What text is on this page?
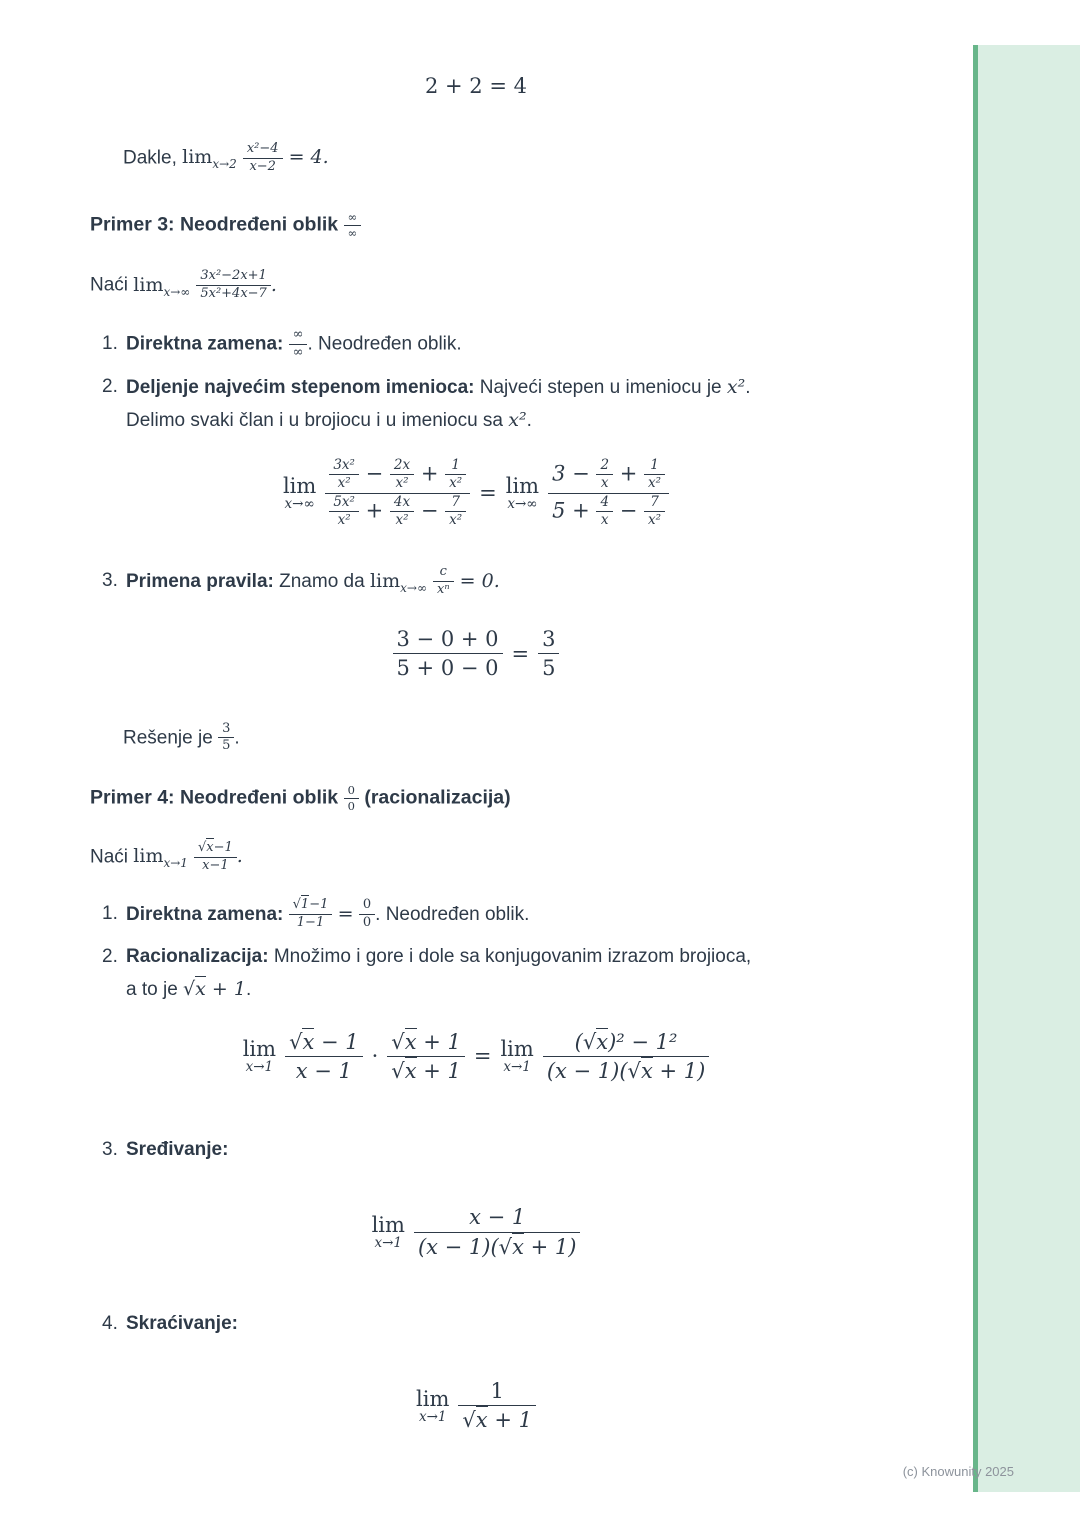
(c) Knowunity 2025
2 + 2 = 4

Dakle, $\lim_{x\to 2} \frac{\text{x²−4}}{x-2} = 4$.

Primer 3: Neodređeni oblik ∞
∞

Naći $\lim_{x\to\infty} \frac{\text{3x²−2x+1}}{\text{5x²+4x−7}}$ .

1. Direktna zamena: ∞
∞ . Neodređen oblik.
2. Deljenje najvećim stepenom imenioca: Najveći stepen u imeniocu je x².
Delimo svaki član i u brojiocu i u imeniocu sa x².
lim
$x\to\infty \frac{\frac{\text{3x²}}{\text{x²}} - \frac{2x}{\text{x²}} + \frac{1}{\text{x²}}}{\frac{\text{5x²}}{\text{x²}} + \frac{4x}{\text{x²}} - \frac{7}{\text{x²}}} = \lim$
$x\to\infty \frac{3 - \frac{2}{x} + \frac{1}{\text{x²}}}{5 + \frac{4}{x} - \frac{7}{\text{x²}}}$
3. Primena pravila: Znamo da $\lim_{x\to\infty} \frac{c}{\text{xⁿ}} = 0$.
$\frac{3 - 0 + 0}{5 + 0 - 0} = \frac{3}{5}$

Rešenje je $\frac{3}{5}$ .

Primer 4: Neodređeni oblik $\frac{0}{0}$ (racionalizacija)

Naći $\lim_{x\to 1} \frac{√x-1}{x-1}$ .

1. Direktna zamena: $\frac{√1-1}{1-1} = \frac{0}{0}$ . Neodređen oblik.
2. Racionalizacija: Množimo i gore i dole sa konjugovanim izrazom brojioca,
a to je √x + 1.
lim
$x\to 1 \frac{√x - 1}{x - 1} \cdot \frac{√x + 1}{√x + 1} = \lim$
$x\to 1 \frac{\text{(√x)² − 1²}}{(x - 1)(√x + 1)}$
3. Sređivanje:
lim
$x\to 1 \frac{x - 1}{(x - 1)(√x + 1)}$
4. Skraćivanje:
lim
$x\to 1 \frac{1}{√x + 1}$
